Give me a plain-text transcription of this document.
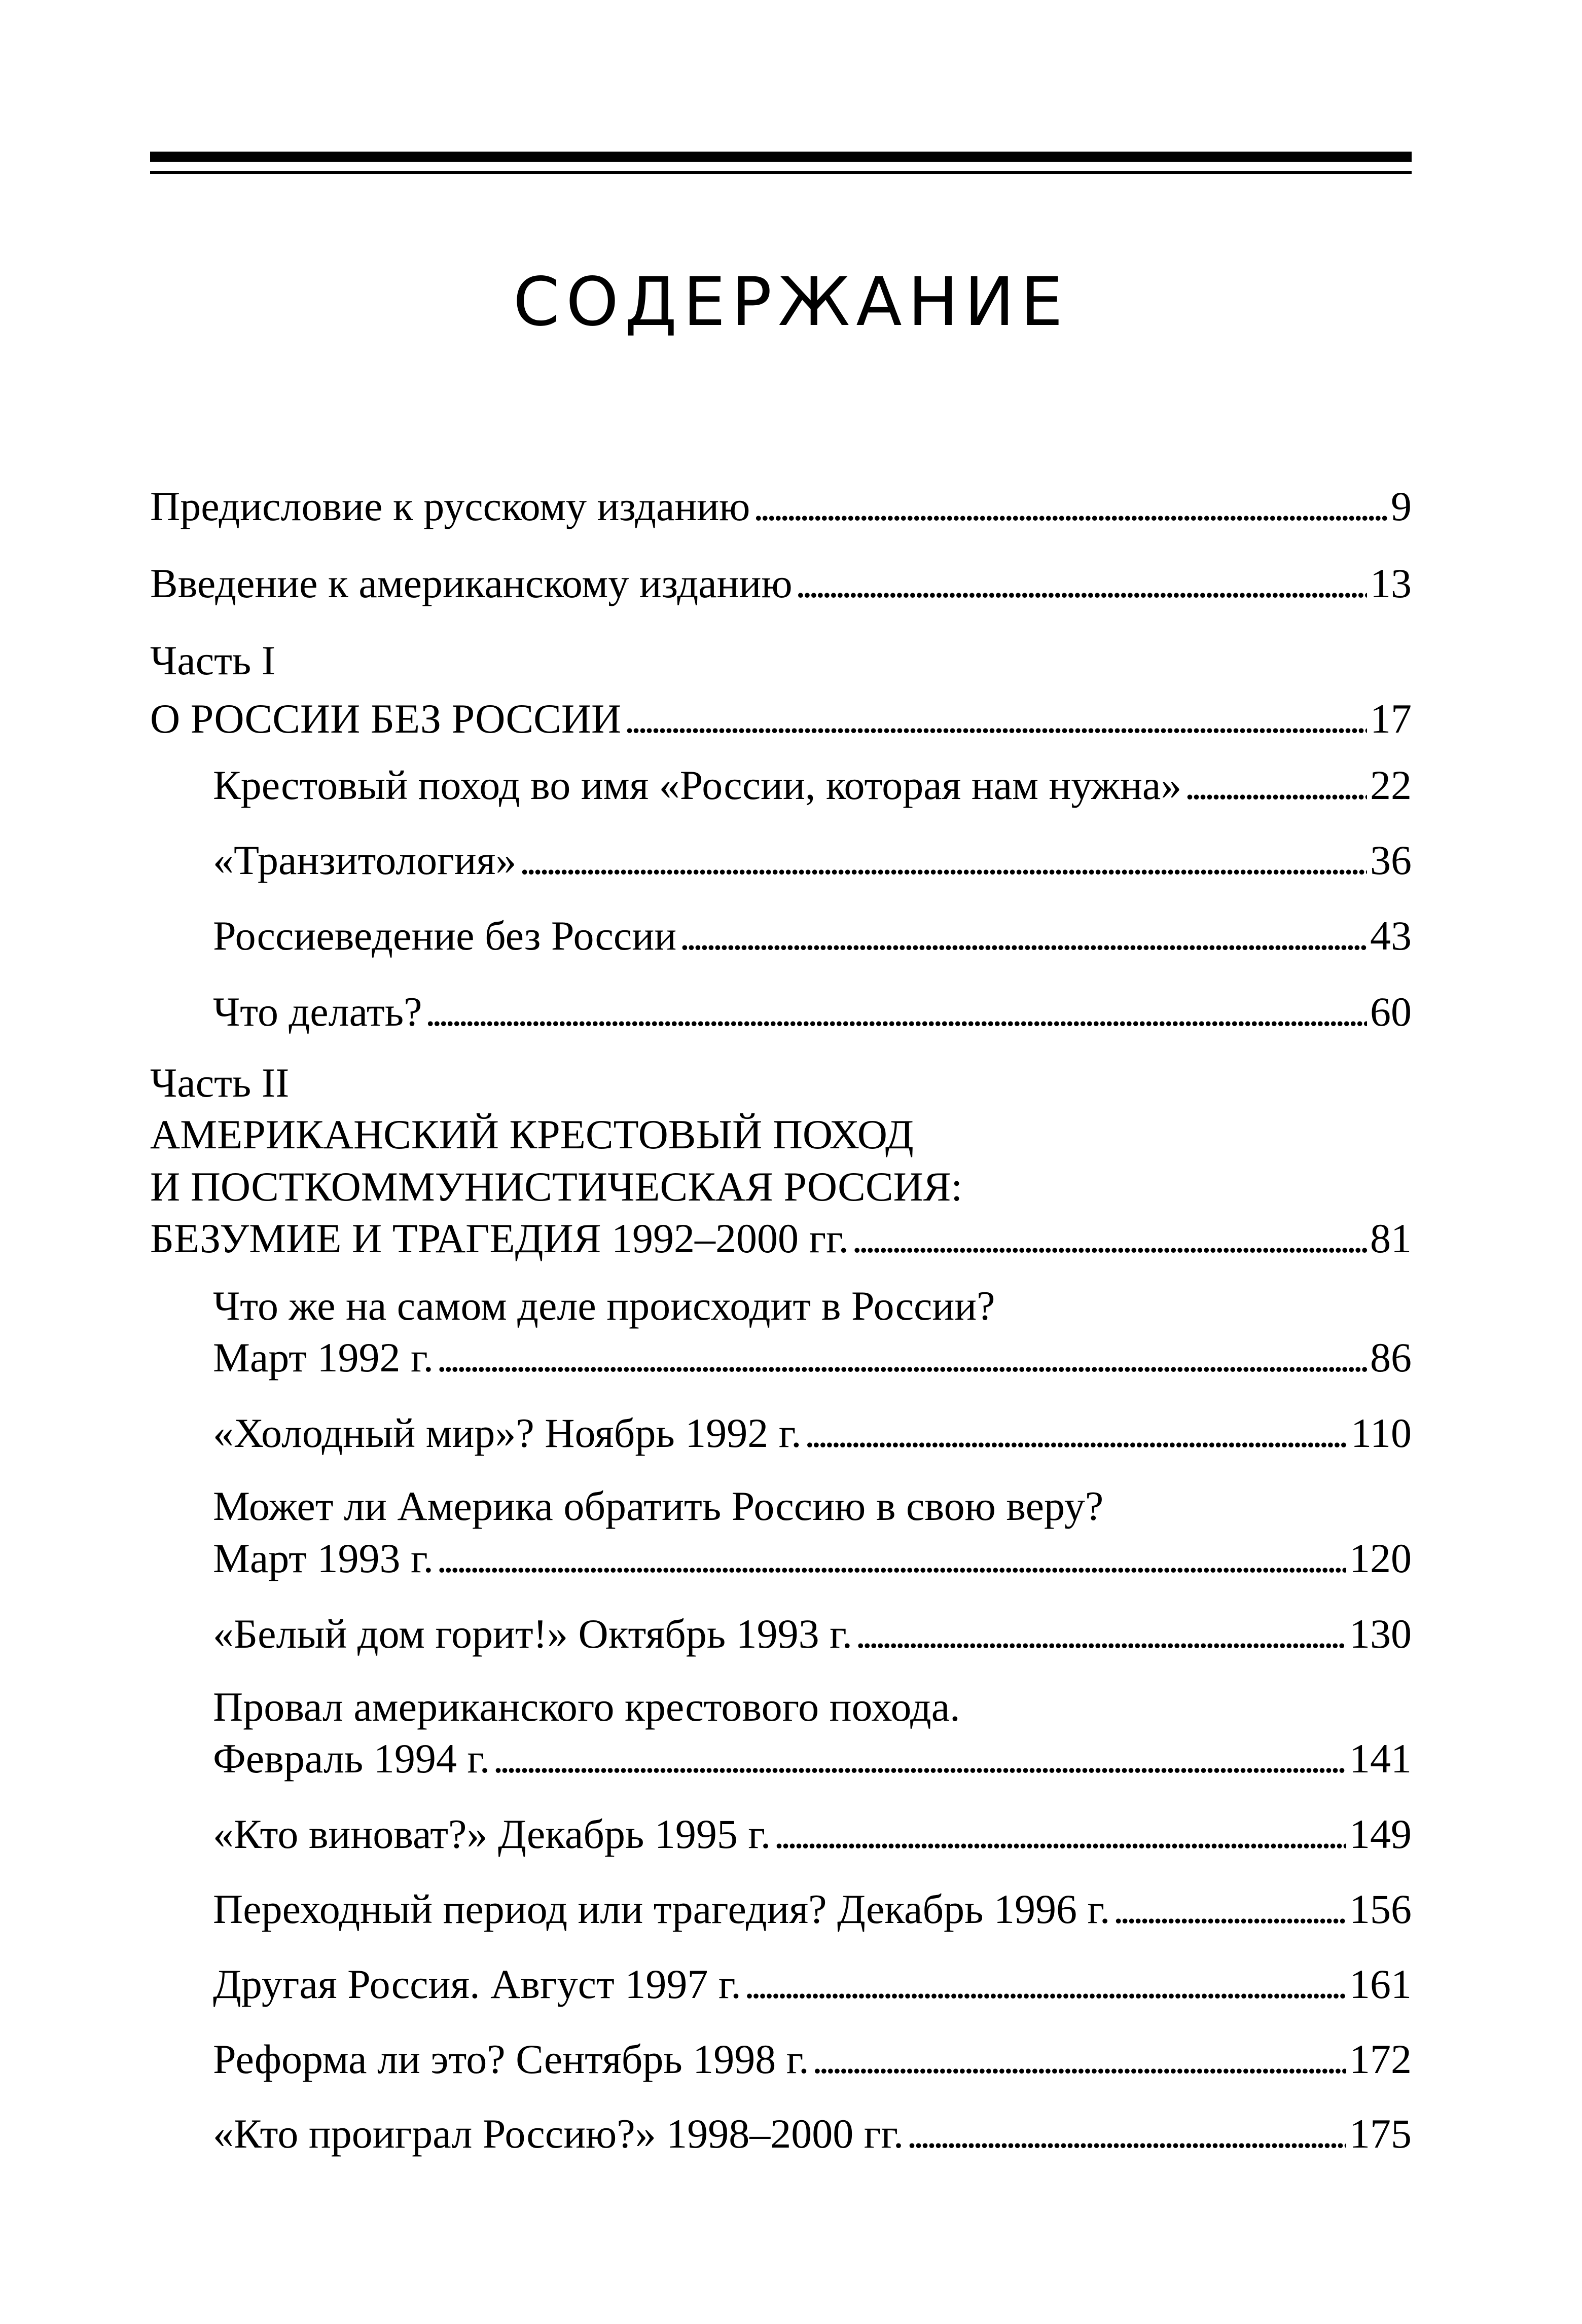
СОДЕРЖАНИЕ
Предисловие к русскому изданию . . .	9
Введение к американскому изданию . . .	13
Часть I
О РОССИИ БЕЗ РОССИИ . . .	17
Крестовый поход во имя «России, которая нам нужна» . . .	22
«Транзитология» . . .	36
Россиеведение без России . . .	43
Что делать? . . .	60
Часть II
АМЕРИКАНСКИЙ КРЕСТОВЫЙ ПОХОД
И ПОСТКОММУНИСТИЧЕСКАЯ РОССИЯ:
БЕЗУМИЕ И ТРАГЕДИЯ 1992–2000 гг. . . .	81
Что же на самом деле происходит в России?
Март 1992 г. . . .	86
«Холодный мир»? Ноябрь 1992 г. . . .	110
Может ли Америка обратить Россию в свою веру?
Март 1993 г. . . .	120
«Белый дом горит!» Октябрь 1993 г. . . .	130
Провал американского крестового похода.
Февраль 1994 г. . . .	141
«Кто виноват?» Декабрь 1995 г. . . .	149
Переходный период или трагедия? Декабрь 1996 г. . . .	156
Другая Россия. Август 1997 г. . . .	161
Реформа ли это? Сентябрь 1998 г. . . .	172
«Кто проиграл Россию?» 1998–2000 гг. . . .	175
